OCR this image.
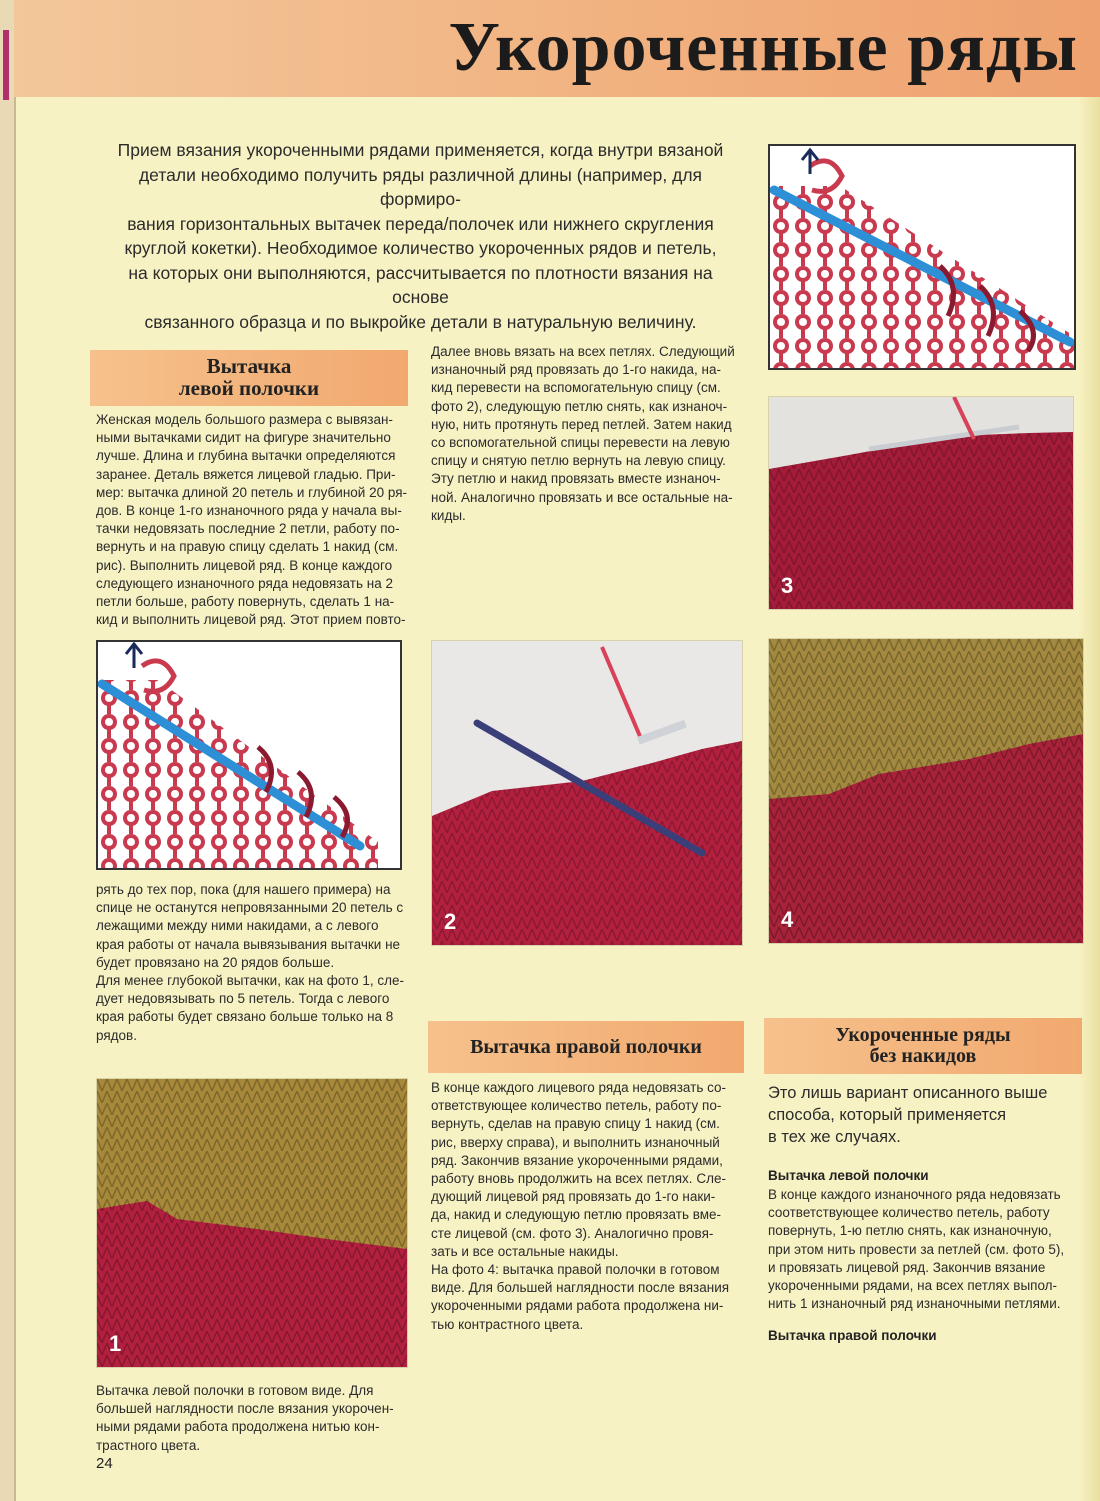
Укороченные ряды
Прием вязания укороченными рядами применяется, когда внутри вязаной
детали необходимо получить ряды различной длины (например, для формиро-
вания горизонтальных вытачек переда/полочек или нижнего скругления
круглой кокетки). Необходимое количество укороченных рядов и петель,
на которых они выполняются, рассчитывается по плотности вязания на основе
связанного образца и по выкройке детали в натуральную величину.
Вытачка
левой полочки
Женская модель большого размера с вывязан-
ными вытачками сидит на фигуре значительно
лучше. Длина и глубина вытачки определяются
заранее. Деталь вяжется лицевой гладью. При-
мер: вытачка длиной 20 петель и глубиной 20 ря-
дов. В конце 1-го изнаночного ряда у начала вы-
тачки недовязать последние 2 петли, работу по-
вернуть и на правую спицу сделать 1 накид (см.
рис). Выполнить лицевой ряд. В конце каждого
следующего изнаночного ряда недовязать на 2
петли больше, работу повернуть, сделать 1 на-
кид и выполнить лицевой ряд. Этот прием повто-
рять до тех пор, пока (для нашего примера) на
спице не останутся непровязанными 20 петель с
лежащими между ними накидами, а с левого
края работы от начала вывязывания вытачки не
будет провязано на 20 рядов больше.
Для менее глубокой вытачки, как на фото 1, сле-
дует недовязывать по 5 петель. Тогда с левого
края работы будет связано больше только на 8
рядов.
1
Вытачка левой полочки в готовом виде. Для
большей наглядности после вязания укорочен-
ными рядами работа продолжена нитью кон-
трастного цвета.
24
Далее вновь вязать на всех петлях. Следующий
изнаночный ряд провязать до 1-го накида, на-
кид перевести на вспомогательную спицу (см.
фото 2), следующую петлю снять, как изнаноч-
ную, нить протянуть перед петлей. Затем накид
со вспомогательной спицы перевести на левую
спицу и снятую петлю вернуть на левую спицу.
Эту петлю и накид провязать вместе изнаноч-
ной. Аналогично провязать и все остальные на-
киды.
2
3
4
Вытачка правой полочки
В конце каждого лицевого ряда недовязать со-
ответствующее количество петель, работу по-
вернуть, сделав на правую спицу 1 накид (см.
рис, вверху справа), и выполнить изнаночный
ряд. Закончив вязание укороченными рядами,
работу вновь продолжить на всех петлях. Сле-
дующий лицевой ряд провязать до 1-го наки-
да, накид и следующую петлю провязать вме-
сте лицевой (см. фото 3). Аналогично провя-
зать и все остальные накиды.
На фото 4: вытачка правой полочки в готовом
виде. Для большей наглядности после вязания
укороченными рядами работа продолжена ни-
тью контрастного цвета.
Укороченные ряды
без накидов
Это лишь вариант описанного выше
способа, который применяется
в тех же случаях.
Вытачка левой полочки
В конце каждого изнаночного ряда недовязать
соответствующее количество петель, работу
повернуть, 1-ю петлю снять, как изнаночную,
при этом нить провести за петлей (см. фото 5),
и провязать лицевой ряд. Закончив вязание
укороченными рядами, на всех петлях выпол-
нить 1 изнаночный ряд изнаночными петлями.
Вытачка правой полочки
